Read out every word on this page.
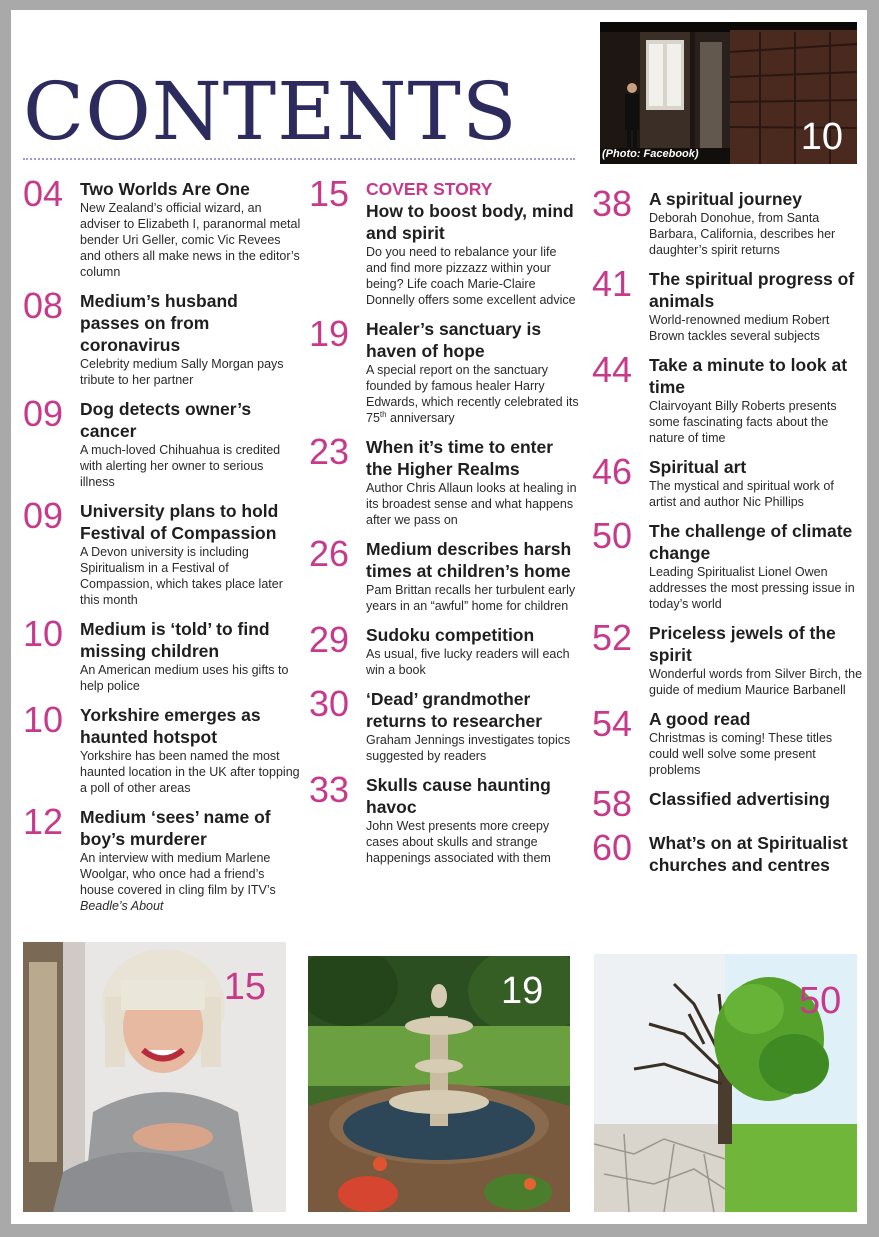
CONTENTS	(Photo: Facebook)	10
04 Two Worlds Are One
New Zealand’s official wizard, an adviser to Elizabeth I, paranormal metal bender Uri Geller, comic Vic Revees and others all make news in the editor’s column
08 Medium’s husband passes on from coronavirus
Celebrity medium Sally Morgan pays tribute to her partner
09 Dog detects owner’s cancer
A much-loved Chihuahua is credited with alerting her owner to serious illness
09 University plans to hold Festival of Compassion
A Devon university is including Spiritualism in a Festival of Compassion, which takes place later this month
10 Medium is ‘told’ to find missing children
An American medium uses his gifts to help police
10 Yorkshire emerges as haunted hotspot
Yorkshire has been named the most haunted location in the UK after topping a poll of other areas
12 Medium ‘sees’ name of boy’s murderer
An interview with medium Marlene Woolgar, who once had a friend’s house covered in cling film by ITV’s Beadle’s About
15 COVER STORY
How to boost body, mind and spirit
Do you need to rebalance your life and find more pizzazz within your being? Life coach Marie-Claire Donnelly offers some excellent advice
19 Healer’s sanctuary is haven of hope
A special report on the sanctuary founded by famous healer Harry Edwards, which recently celebrated its 75th anniversary
23 When it’s time to enter the Higher Realms
Author Chris Allaun looks at healing in its broadest sense and what happens after we pass on
26 Medium describes harsh times at children’s home
Pam Brittan recalls her turbulent early years in an “awful” home for children
29 Sudoku competition
As usual, five lucky readers will each win a book
30 ‘Dead’ grandmother returns to researcher
Graham Jennings investigates topics suggested by readers
33 Skulls cause haunting havoc
John West presents more creepy cases about skulls and strange happenings associated with them
38 A spiritual journey
Deborah Donohue, from Santa Barbara, California, describes her daughter’s spirit returns
41 The spiritual progress of animals
World-renowned medium Robert Brown tackles several subjects
44 Take a minute to look at time
Clairvoyant Billy Roberts presents some fascinating facts about the nature of time
46 Spiritual art
The mystical and spiritual work of artist and author Nic Phillips
50 The challenge of climate change
Leading Spiritualist Lionel Owen addresses the most pressing issue in today’s world
52 Priceless jewels of the spirit
Wonderful words from Silver Birch, the guide of medium Maurice Barbanell
54 A good read
Christmas is coming! These titles could well solve some present problems
58 Classified advertising
60 What’s on at Spiritualist churches and centres
15	19	50
